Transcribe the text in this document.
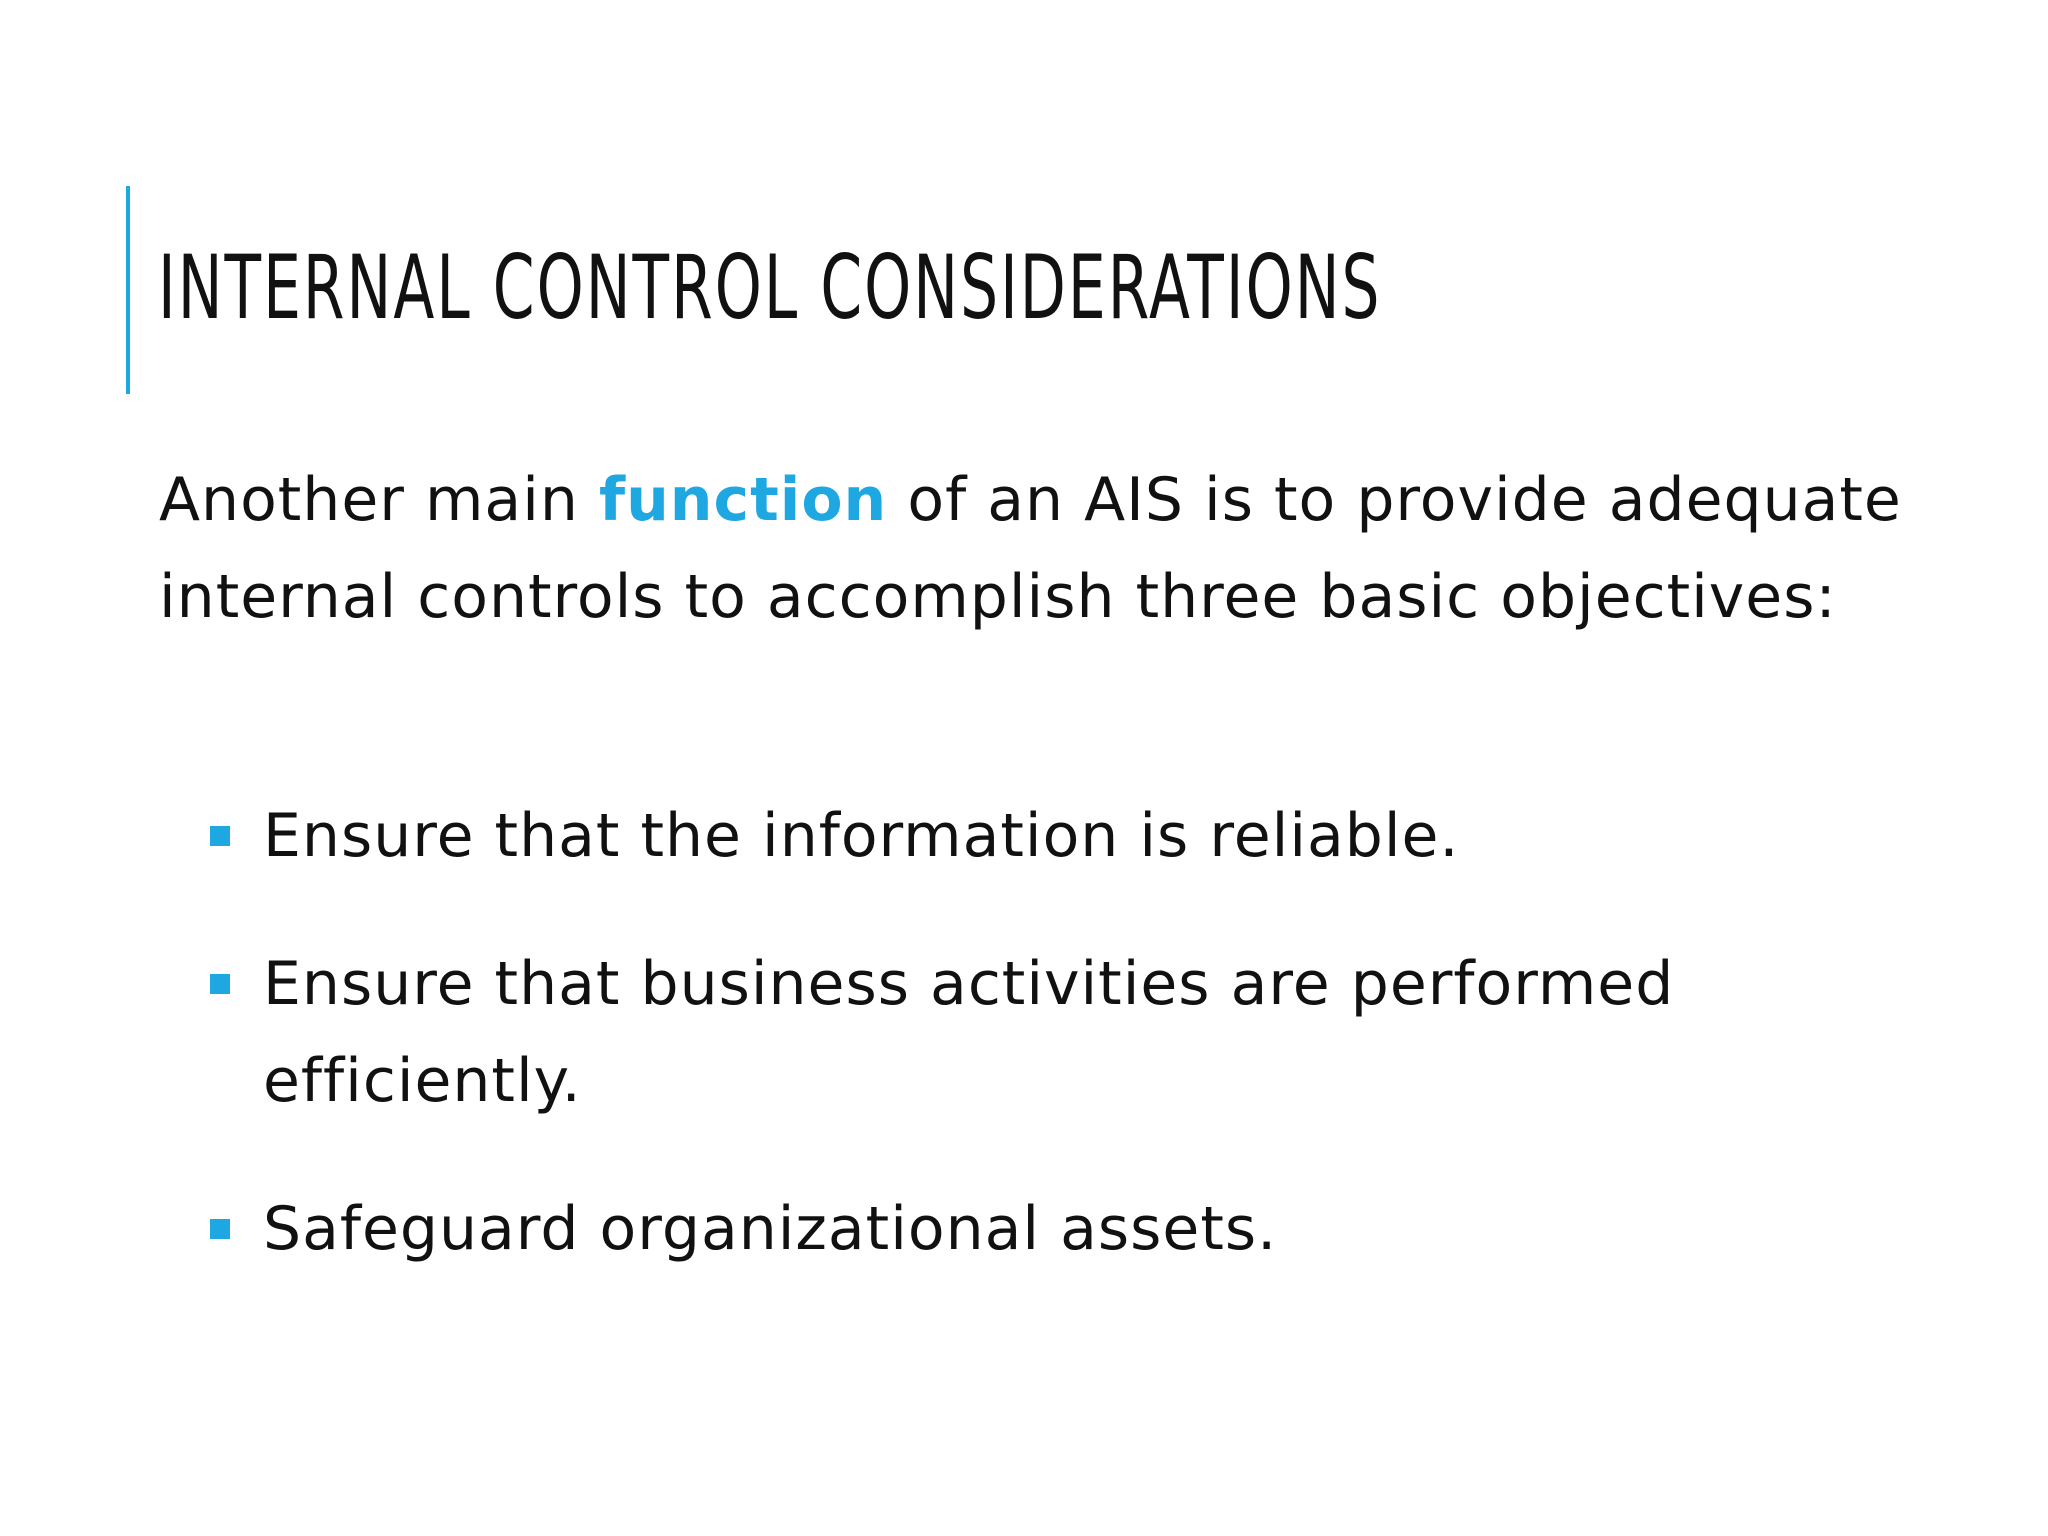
INTERNAL CONTROL CONSIDERATIONS

Another main function of an AIS is to provide adequate internal controls to accomplish three basic objectives:

Ensure that the information is reliable.
Ensure that business activities are performed efficiently.
Safeguard organizational assets.
